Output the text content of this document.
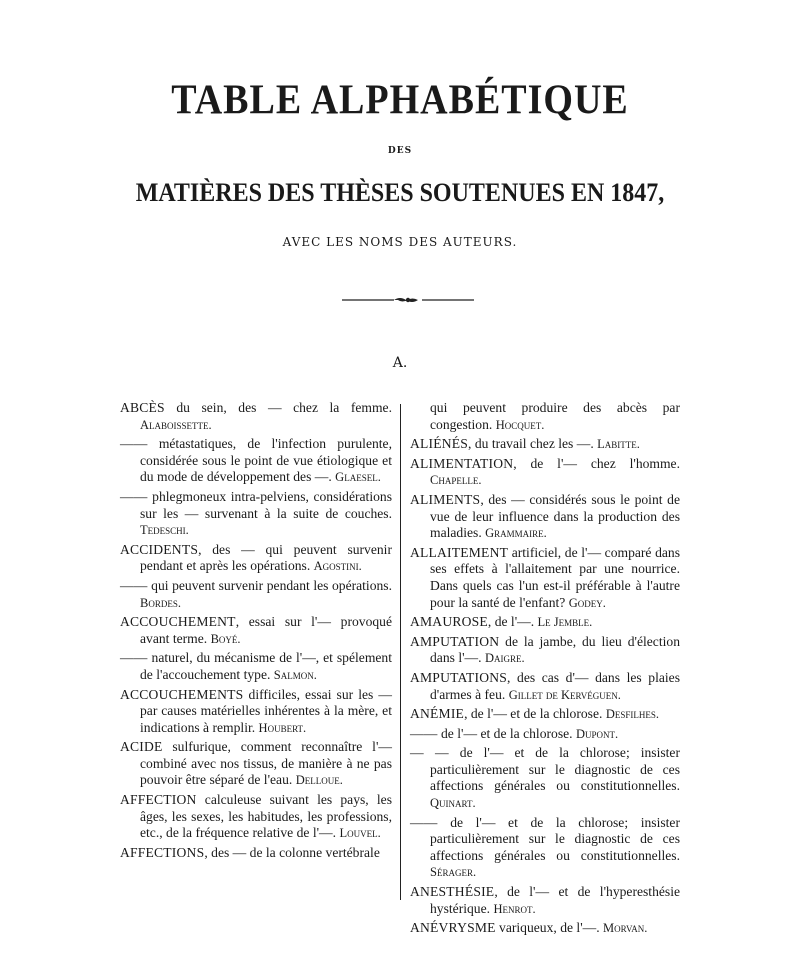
TABLE ALPHABÉTIQUE
DES
MATIÈRES DES THÈSES SOUTENUES EN 1847,
AVEC LES NOMS DES AUTEURS.
A.

ABCÈS du sein, des — chez la femme. Alaboissette.

—— métastatiques, de l'infection purulente, considérée sous le point de vue étiologique et du mode de développement des —. Glaesel.

—— phlegmoneux intra-pelviens, considérations sur les — survenant à la suite de couches. Tedeschi.

ACCIDENTS, des — qui peuvent survenir pendant et après les opérations. Agostini.

—— qui peuvent survenir pendant les opérations. Bordes.

ACCOUCHEMENT, essai sur l'— provoqué avant terme. Boyé.

—— naturel, du mécanisme de l'—, et spélement de l'accouchement type. Salmon.

ACCOUCHEMENTS difficiles, essai sur les — par causes matérielles inhérentes à la mère, et indications à remplir. Houbert.

ACIDE sulfurique, comment reconnaître l'— combiné avec nos tissus, de manière à ne pas pouvoir être séparé de l'eau. Delloue.

AFFECTION calculeuse suivant les pays, les âges, les sexes, les habitudes, les professions, etc., de la fréquence relative de l'—. Louvel.

AFFECTIONS, des — de la colonne vertébrale

qui peuvent produire des abcès par congestion. Hocquet.

ALIÉNÉS, du travail chez les —. Labitte.

ALIMENTATION, de l'— chez l'homme. Chapelle.

ALIMENTS, des — considérés sous le point de vue de leur influence dans la production des maladies. Grammaire.

ALLAITEMENT artificiel, de l'— comparé dans ses effets à l'allaitement par une nourrice. Dans quels cas l'un est-il préférable à l'autre pour la santé de l'enfant? Godey.

AMAUROSE, de l'—. Le Jemble.

AMPUTATION de la jambe, du lieu d'élection dans l'—. Daigre.

AMPUTATIONS, des cas d'— dans les plaies d'armes à feu. Gillet de Kervéguen.

ANÉMIE, de l'— et de la chlorose. Desfilhes.

—— de l'— et de la chlorose. Dupont.

— — de l'— et de la chlorose; insister particulièrement sur le diagnostic de ces affections générales ou constitutionnelles. Quinart.

—— de l'— et de la chlorose; insister particulièrement sur le diagnostic de ces affections générales ou constitutionnelles. Sérager.

ANESTHÉSIE, de l'— et de l'hyperesthésie hystérique. Henrot.

ANÉVRYSME variqueux, de l'—. Morvan.
